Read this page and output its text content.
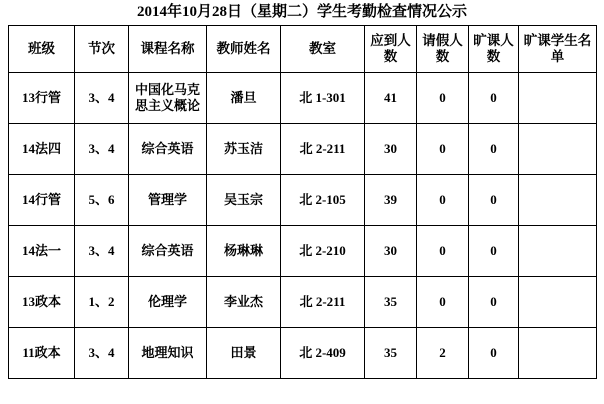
2014年10月28日（星期二）学生考勤检查情况公示
班级	节次	课程名称	教师姓名	教室	应到人数	请假人数	旷课人数	旷课学生名单
13行管	3、4	中国化马克思主义概论	潘旦	北 1-301	41	0	0	
14法四	3、4	综合英语	苏玉洁	北 2-211	30	0	0	
14行管	5、6	管理学	吴玉宗	北 2-105	39	0	0	
14法一	3、4	综合英语	杨琳琳	北 2-210	30	0	0	
13政本	1、2	伦理学	李业杰	北 2-211	35	0	0	
11政本	3、4	地理知识	田景	北 2-409	35	2	0	
